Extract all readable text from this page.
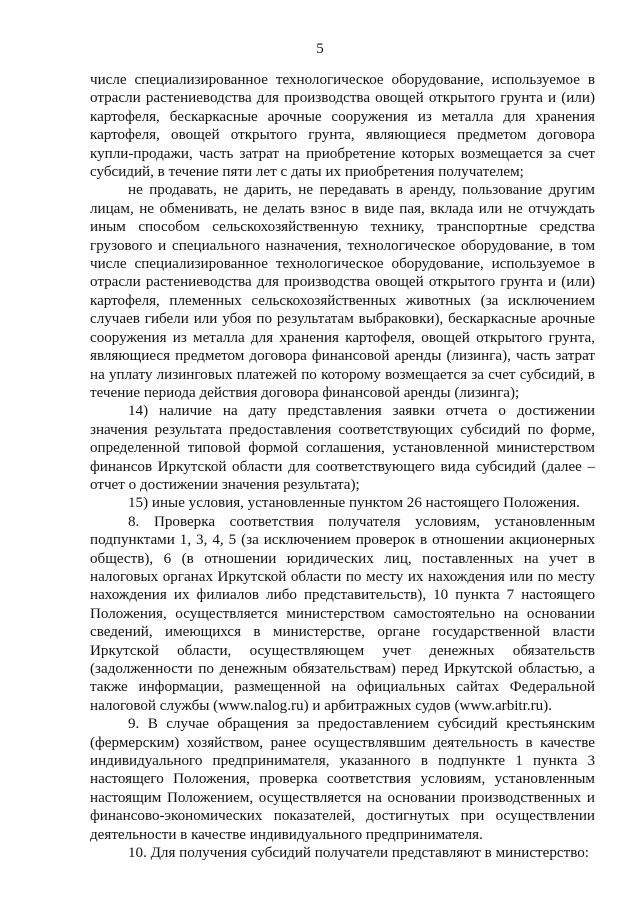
5

числе специализированное технологическое оборудование, используемое в отрасли растениеводства для производства овощей открытого грунта и (или) картофеля, бескаркасные арочные сооружения из металла для хранения картофеля, овощей открытого грунта, являющиеся предметом договора купли-продажи, часть затрат на приобретение которых возмещается за счет субсидий, в течение пяти лет с даты их приобретения получателем;

не продавать, не дарить, не передавать в аренду, пользование другим лицам, не обменивать, не делать взнос в виде пая, вклада или не отчуждать иным способом сельскохозяйственную технику, транспортные средства грузового и специального назначения, технологическое оборудование, в том числе специализированное технологическое оборудование, используемое в отрасли растениеводства для производства овощей открытого грунта и (или) картофеля, племенных сельскохозяйственных животных (за исключением случаев гибели или убоя по результатам выбраковки), бескаркасные арочные сооружения из металла для хранения картофеля, овощей открытого грунта, являющиеся предметом договора финансовой аренды (лизинга), часть затрат на уплату лизинговых платежей по которому возмещается за счет субсидий, в течение периода действия договора финансовой аренды (лизинга);

14) наличие на дату представления заявки отчета о достижении значения результата предоставления соответствующих субсидий по форме, определенной типовой формой соглашения, установленной министерством финансов Иркутской области для соответствующего вида субсидий (далее – отчет о достижении значения результата);

15) иные условия, установленные пунктом 26 настоящего Положения.

8. Проверка соответствия получателя условиям, установленным подпунктами 1, 3, 4, 5 (за исключением проверок в отношении акционерных обществ), 6 (в отношении юридических лиц, поставленных на учет в налоговых органах Иркутской области по месту их нахождения или по месту нахождения их филиалов либо представительств), 10 пункта 7 настоящего Положения, осуществляется министерством самостоятельно на основании сведений, имеющихся в министерстве, органе государственной власти Иркутской области, осуществляющем учет денежных обязательств (задолженности по денежным обязательствам) перед Иркутской областью, а также информации, размещенной на официальных сайтах Федеральной налоговой службы (www.nalog.ru) и арбитражных судов (www.arbitr.ru).

9. В случае обращения за предоставлением субсидий крестьянским (фермерским) хозяйством, ранее осуществлявшим деятельность в качестве индивидуального предпринимателя, указанного в подпункте 1 пункта 3 настоящего Положения, проверка соответствия условиям, установленным настоящим Положением, осуществляется на основании производственных и финансово-экономических показателей, достигнутых при осуществлении деятельности в качестве индивидуального предпринимателя.

10. Для получения субсидий получатели представляют в министерство:
